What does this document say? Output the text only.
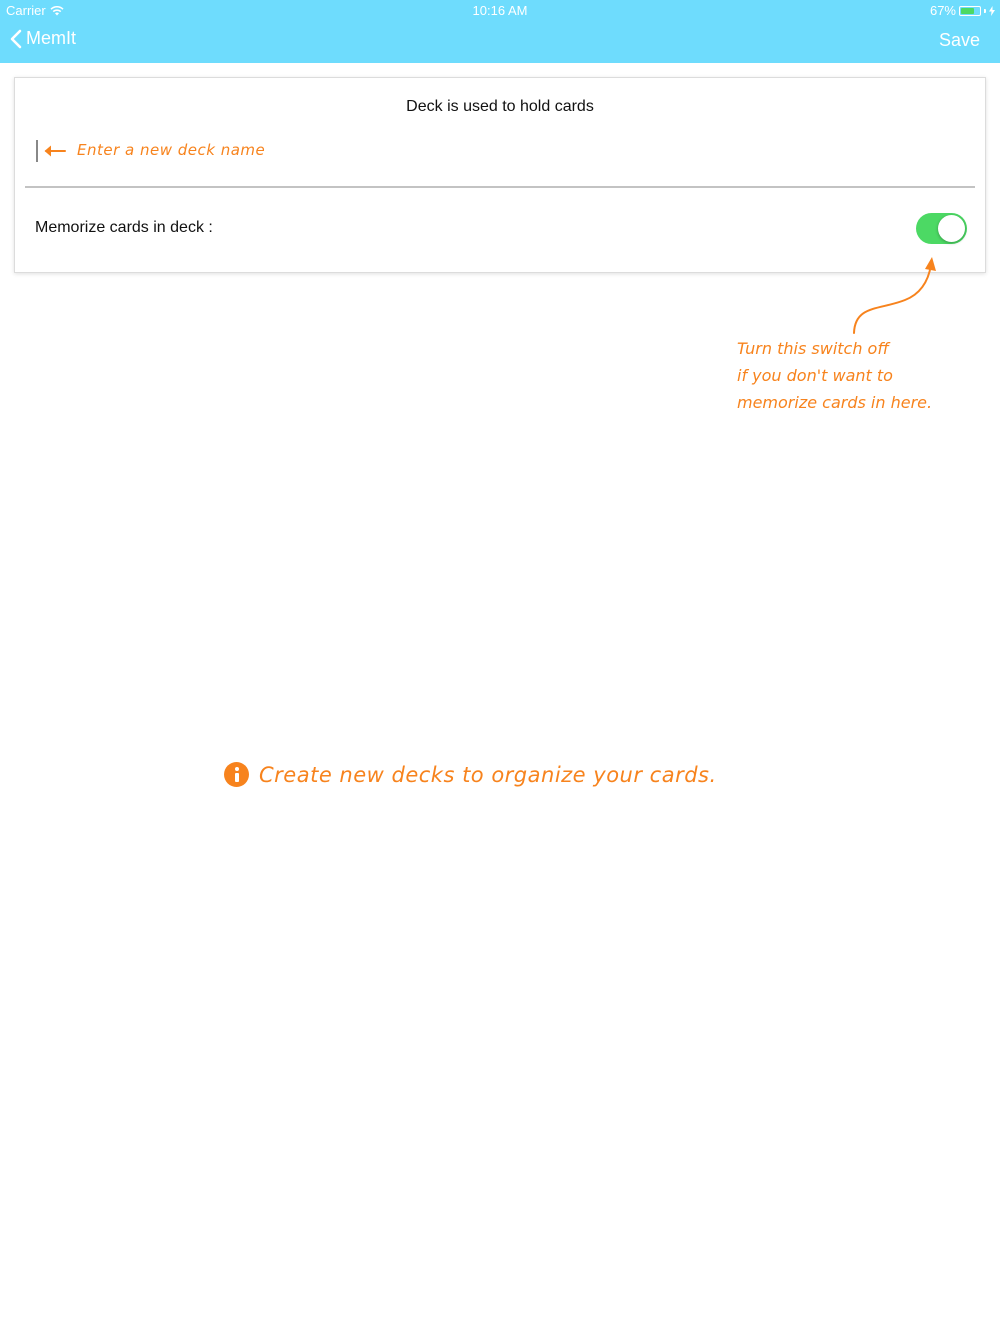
Carrier	10:16 AM	67%
MemIt	Save
Deck is used to hold cards
Enter a new deck name
Enter a new deck name
Memorize cards in deck :
Turn this switch off
if you don't want to
memorize cards in here.
Create new decks to organize your cards.
